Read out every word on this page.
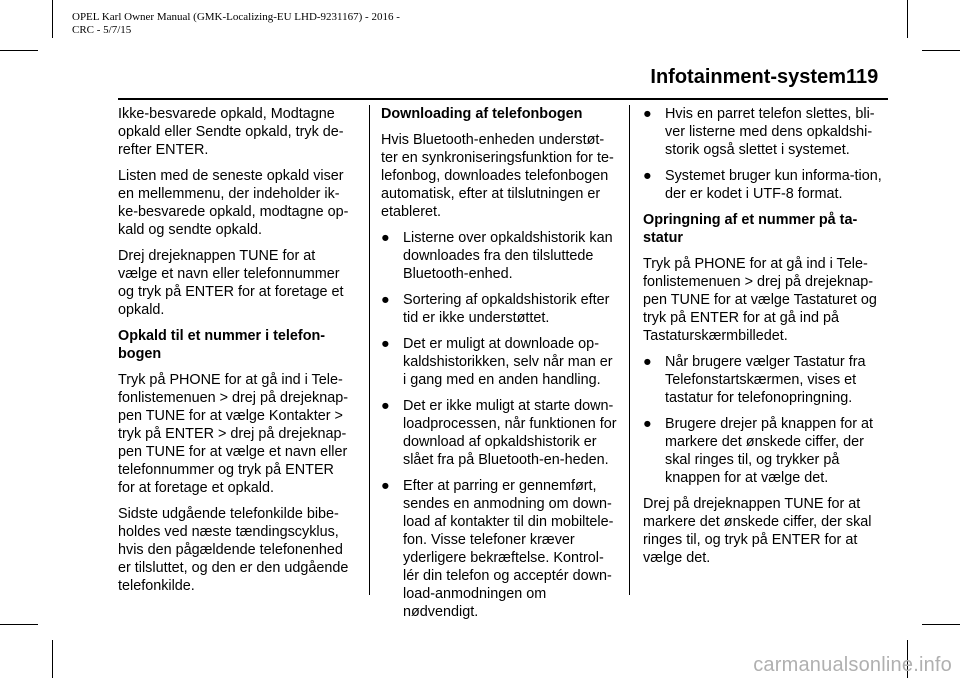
OPEL Karl Owner Manual (GMK-Localizing-EU LHD-9231167) - 2016 -
CRC - 5/7/15
Infotainment-system 119

Ikke-besvarede opkald, Modtagne opkald eller Sendte opkald, tryk de-refter ENTER.

Listen med de seneste opkald viser en mellemmenu, der indeholder ik-ke-besvarede opkald, modtagne op-kald og sendte opkald.

Drej drejeknappen TUNE for at vælge et navn eller telefonnummer og tryk på ENTER for at foretage et opkald.

Opkald til et nummer i telefon-bogen

Tryk på PHONE for at gå ind i Tele-fonlistemenuen > drej på drejeknap-pen TUNE for at vælge Kontakter > tryk på ENTER > drej på drejeknap-pen TUNE for at vælge et navn eller telefonnummer og tryk på ENTER for at foretage et opkald.

Sidste udgående telefonkilde bibe-holdes ved næste tændingscyklus, hvis den pågældende telefonenhed er tilsluttet, og den er den udgående telefonkilde.

Downloading af telefonbogen

Hvis Bluetooth-enheden understøt-ter en synkroniseringsfunktion for te-lefonbog, downloades telefonbogen automatisk, efter at tilslutningen er etableret.

● Listerne over opkaldshistorik kan downloades fra den tilsluttede Bluetooth-enhed.
● Sortering af opkaldshistorik efter tid er ikke understøttet.
● Det er muligt at downloade op-kaldshistorikken, selv når man er i gang med en anden handling.
● Det er ikke muligt at starte down-loadprocessen, når funktionen for download af opkaldshistorik er slået fra på Bluetooth-en-heden.
● Efter at parring er gennemført, sendes en anmodning om down-load af kontakter til din mobiltele-fon. Visse telefoner kræver yderligere bekræftelse. Kontrol-lér din telefon og acceptér down-load-anmodningen om nødvendigt.
● Hvis en parret telefon slettes, bli-ver listerne med dens opkaldshi-storik også slettet i systemet.
● Systemet bruger kun informa-tion, der er kodet i UTF-8 format.

Opringning af et nummer på ta-statur

Tryk på PHONE for at gå ind i Tele-fonlistemenuen > drej på drejeknap-pen TUNE for at vælge Tastaturet og tryk på ENTER for at gå ind på Tastaturskærmbilledet.

● Når brugere vælger Tastatur fra Telefonstartskærmen, vises et tastatur for telefonopringning.
● Brugere drejer på knappen for at markere det ønskede ciffer, der skal ringes til, og trykker på knappen for at vælge det.

Drej på drejeknappen TUNE for at markere det ønskede ciffer, der skal ringes til, og tryk på ENTER for at vælge det.

carmanualsonline.info
